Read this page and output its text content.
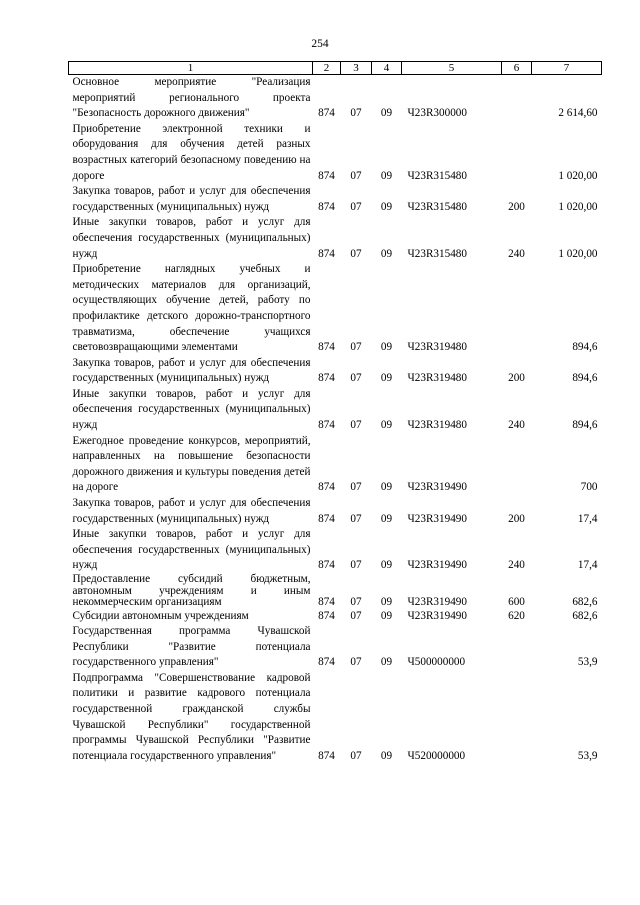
254
1	2	3	4	5	6	7
Основное мероприятие "Реализация мероприятий регионального проекта "Безопасность дорожного движения"	874	07	09	Ч23R300000		2 614,60
Приобретение электронной техники и оборудования для обучения детей разных возрастных категорий безопасному поведению на дороге	874	07	09	Ч23R315480		1 020,00
Закупка товаров, работ и услуг для обеспечения государственных (муниципальных) нужд	874	07	09	Ч23R315480	200	1 020,00
Иные закупки товаров, работ и услуг для обеспечения государственных (муниципальных) нужд	874	07	09	Ч23R315480	240	1 020,00
Приобретение наглядных учебных и методических материалов для организаций, осуществляющих обучение детей, работу по профилактике детского дорожно-транспортного травматизма, обеспечение учащихся световозвращающими элементами	874	07	09	Ч23R319480		894,6
Закупка товаров, работ и услуг для обеспечения государственных (муниципальных) нужд	874	07	09	Ч23R319480	200	894,6
Иные закупки товаров, работ и услуг для обеспечения государственных (муниципальных) нужд	874	07	09	Ч23R319480	240	894,6
Ежегодное проведение конкурсов, мероприятий, направленных на повышение безопасности дорожного движения и культуры поведения детей на дороге	874	07	09	Ч23R319490		700
Закупка товаров, работ и услуг для обеспечения государственных (муниципальных) нужд	874	07	09	Ч23R319490	200	17,4
Иные закупки товаров, работ и услуг для обеспечения государственных (муниципальных) нужд	874	07	09	Ч23R319490	240	17,4
Предоставление субсидий бюджетным, автономным учреждениям и иным некоммерческим организациям	874	07	09	Ч23R319490	600	682,6
Субсидии автономным учреждениям	874	07	09	Ч23R319490	620	682,6
Государственная программа Чувашской Республики "Развитие потенциала государственного управления"	874	07	09	Ч500000000		53,9
Подпрограмма "Совершенствование кадровой политики и развитие кадрового потенциала государственной гражданской службы Чувашской Республики" государственной программы Чувашской Республики "Развитие потенциала государственного управления"	874	07	09	Ч520000000		53,9
